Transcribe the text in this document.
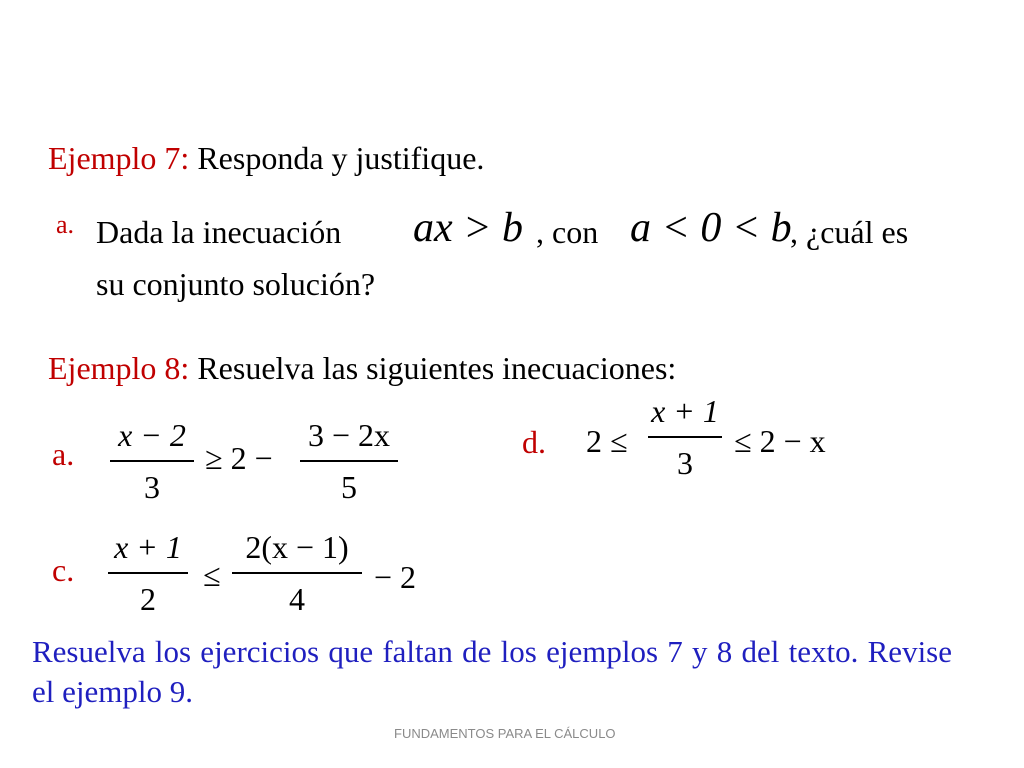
Ejemplo 7: Responda y justifique.
a. Dada la inecuación ax > b , con a < 0 < b
, ¿cuál es
su conjunto solución?
Ejemplo 8: Resuelva las siguientes inecuaciones:
a.
x − 2
3
≥ 2 −
3 − 2x
5
d. 2 ≤
x + 1
3
≤ 2 − x
c.
x + 1
2
≤
2(x − 1)
4
− 2
Resuelva los ejercicios que faltan de los ejemplos 7 y 8 del texto. Revise el ejemplo 9.
FUNDAMENTOS PARA EL CÁLCULO
